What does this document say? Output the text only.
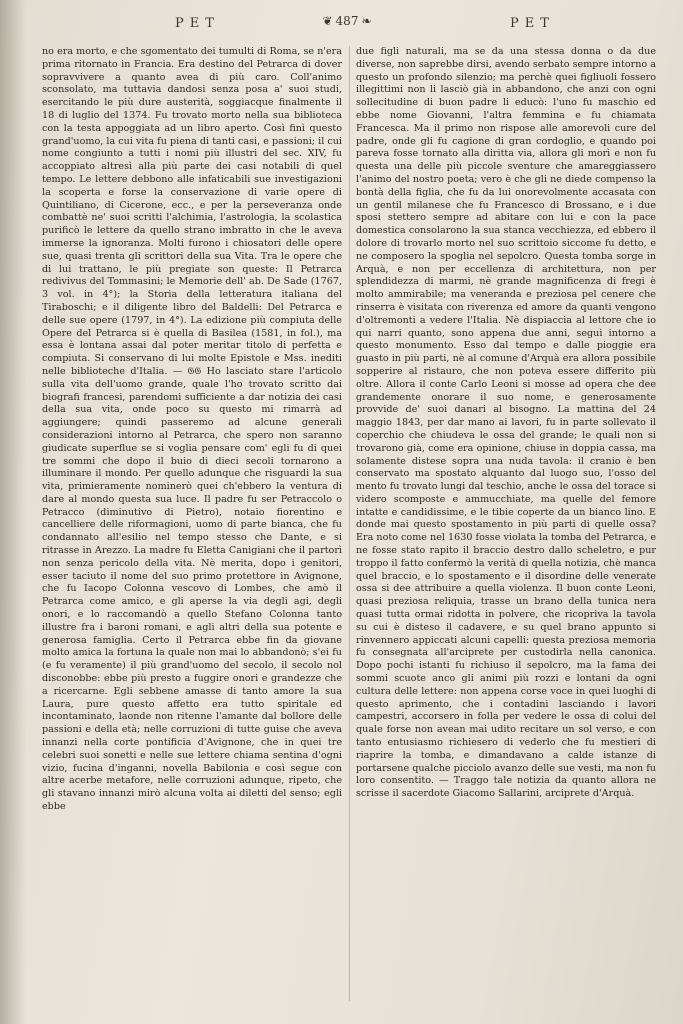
PET	❦ 487 ❧	PET

no era morto, e che sgomentato dei tumulti di Roma, se n'era prima ritornato in Francia. Era destino del Petrarca di dover sopravvivere a quanto avea di più caro. Coll'animo sconsolato, ma tuttavia dandosi senza posa a' suoi studi, esercitando le più dure austerità, soggiacque finalmente il 18 di luglio del 1374. Fu trovato morto nella sua biblioteca con la testa appoggiata ad un libro aperto. Così finì questo grand'uomo, la cui vita fu piena di tanti casi, e passioni; il cui nome congiunto a tutti i nomi più illustri del sec. XIV, fu accoppiato altresì alla più parte dei casi notabili di quel tempo. Le lettere debbono alle infaticabili sue investigazioni la scoperta e forse la conservazione di varie opere di Quintiliano, di Cicerone, ecc., e per la perseveranza onde combattè ne' suoi scritti l'alchimia, l'astrologia, la scolastica purificò le lettere da quello strano imbratto in che le aveva immerse la ignoranza. Molti furono i chiosatori delle opere sue, quasi trenta gli scrittori della sua Vita. Tra le opere che di lui trattano, le più pregiate son queste: Il Petrarca redivivus del Tommasini; le Memorie dell' ab. De Sade (1767, 3 vol. in 4°); la Storia della letteratura italiana del Tiraboschi; e il diligente libro del Baldelli: Del Petrarca e delle sue opere (1797, in 4°). La edizione più compiuta delle Opere del Petrarca si è quella di Basilea (1581, in fol.), ma essa è lontana assai dal poter meritar titolo di perfetta e compiuta. Si conservano di lui molte Epistole e Mss. inediti nelle biblioteche d'Italia. — 𝔊𝔊 Ho lasciato stare l'articolo sulla vita dell'uomo grande, quale l'ho trovato scritto dai biografi francesi, parendomi sufficiente a dar notizia dei casi della sua vita, onde poco su questo mi rimarrà ad aggiungere; quindi passeremo ad alcune generali considerazioni intorno al Petrarca, che spero non saranno giudicate superflue se si voglia pensare com' egli fu di quei tre sommi che dopo il buio di dieci secoli tornarono a illuminare il mondo. Per quello adunque che risguardi la sua vita, primieramente nominerò quei ch'ebbero la ventura di dare al mondo questa sua luce. Il padre fu ser Petraccolo o Petracco (diminutivo di Pietro), notaio fiorentino e cancelliere delle riformagioni, uomo di parte bianca, che fu condannato all'esilio nel tempo stesso che Dante, e si ritrasse in Arezzo. La madre fu Eletta Canigiani che il partorì non senza pericolo della vita. Nè merita, dopo i genitori, esser taciuto il nome del suo primo protettore in Avignone, che fu Iacopo Colonna vescovo di Lombes, che amò il Petrarca come amico, e gli aperse la via degli agi, degli onori, e lo raccomandò a quello Stefano Colonna tanto illustre fra i baroni romani, e agli altri della sua potente e generosa famiglia. Certo il Petrarca ebbe fin da giovane molto amica la fortuna la quale non mai lo abbandonò; s'ei fu (e fu veramente) il più grand'uomo del secolo, il secolo nol disconobbe: ebbe più presto a fuggire onori e grandezze che a ricercarne. Egli sebbene amasse di tanto amore la sua Laura, pure questo affetto era tutto spiritale ed incontaminato, laonde non ritenne l'amante dal bollore delle passioni e della età; nelle corruzioni di tutte guise che aveva innanzi nella corte pontificia d'Avignone, che in quei tre celebri suoi sonetti e nelle sue lettere chiama sentina d'ogni vizio, fucina d'inganni, novella Babilonia e così segue con altre acerbe metafore, nelle corruzioni adunque, ripeto, che gli stavano innanzi mirò alcuna volta ai diletti del senso; egli ebbe

due figli naturali, ma se da una stessa donna o da due diverse, non saprebbe dirsi, avendo serbato sempre intorno a questo un profondo silenzio; ma perchè quei figliuoli fossero illegittimi non li lasciò già in abbandono, che anzi con ogni sollecitudine di buon padre li educò: l'uno fu maschio ed ebbe nome Giovanni, l'altra femmina e fu chiamata Francesca. Ma il primo non rispose alle amorevoli cure del padre, onde gli fu cagione di gran cordoglio, e quando poi pareva fosse tornato alla diritta via, allora gli morì e non fu questa una delle più piccole sventure che amareggiassero l'animo del nostro poeta; vero è che gli ne diede compenso la bontà della figlia, che fu da lui onorevolmente accasata con un gentil milanese che fu Francesco di Brossano, e i due sposi stettero sempre ad abitare con lui e con la pace domestica consolarono la sua stanca vecchiezza, ed ebbero il dolore di trovarlo morto nel suo scrittoio siccome fu detto, e ne composero la spoglia nel sepolcro. Questa tomba sorge in Arquà, e non per eccellenza di architettura, non per splendidezza di marmi, nè grande magnificenza di fregi è molto ammirabile; ma veneranda e preziosa pel cenere che rinserra è visitata con riverenza ed amore da quanti vengono d'oltremonti a vedere l'Italia. Nè dispiaccia al lettore che io qui narri quanto, sono appena due anni, seguì intorno a questo monumento. Esso dal tempo e dalle pioggie era guasto in più parti, nè al comune d'Arquà era allora possibile sopperire al ristauro, che non poteva essere differito più oltre. Allora il conte Carlo Leoni si mosse ad opera che dee grandemente onorare il suo nome, e generosamente provvide de' suoi danari al bisogno. La mattina del 24 maggio 1843, per dar mano ai lavori, fu in parte sollevato il coperchio che chiudeva le ossa del grande; le quali non si trovarono già, come era opinione, chiuse in doppia cassa, ma solamente distese sopra una nuda tavola: il cranio è ben conservato ma spostato alquanto dal luogo suo, l'osso del mento fu trovato lungi dal teschio, anche le ossa del torace si videro scomposte e ammucchiate, ma quelle del femore intatte e candidissime, e le tibie coperte da un bianco lino. E donde mai questo spostamento in più parti di quelle ossa? Era noto come nel 1630 fosse violata la tomba del Petrarca, e ne fosse stato rapito il braccio destro dallo scheletro, e pur troppo il fatto confermò la verità di quella notizia, chè manca quel braccio, e lo spostamento e il disordine delle venerate ossa si dee attribuire a quella violenza. Il buon conte Leoni, quasi preziosa reliquia, trasse un brano della tunica nera quasi tutta ormai ridotta in polvere, che ricopriva la tavola su cui è disteso il cadavere, e su quel brano appunto si rinvennero appiccati alcuni capelli: questa preziosa memoria fu consegnata all'arciprete per custodirla nella canonica. Dopo pochi istanti fu richiuso il sepolcro, ma la fama dei sommi scuote anco gli animi più rozzi e lontani da ogni cultura delle lettere: non appena corse voce in quei luoghi di questo aprimento, che i contadini lasciando i lavori campestri, accorsero in folla per vedere le ossa di colui del quale forse non avean mai udito recitare un sol verso, e con tanto entusiasmo richiesero di vederlo che fu mestieri di riaprire la tomba, e dimandavano a calde istanze di portarsene qualche picciolo avanzo delle sue vesti, ma non fu loro consentito. — Traggo tale notizia da quanto allora ne scrisse il sacerdote Giacomo Sallarini, arciprete d'Arquà.
